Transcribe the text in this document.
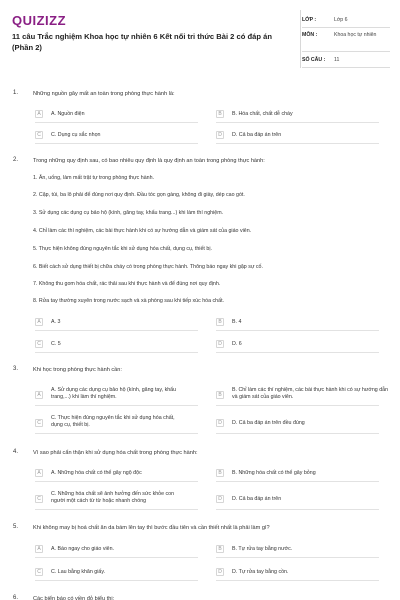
QUIZIZZ
11 câu Trắc nghiệm Khoa học tự nhiên 6 Kết nối tri thức Bài 2 có đáp án (Phần 2)
LỚP :	Lớp 6
MÔN :	Khoa học tự nhiên
SỐ CÂU : 11
1.	Những nguồn gây mất an toàn trong phòng thực hành là:
A	A. Nguồn điện	B	B. Hóa chất, chất dễ cháy
C	C. Dụng cụ sắc nhọn	D	D. Cả ba đáp án trên
2.	Trong những quy định sau, có bao nhiêu quy định là quy định an toàn trong phòng thực hành:
1. Ăn, uống, làm mất trật tự trong phòng thực hành.
2. Cặp, túi, ba lô phải để đúng nơi quy định. Đầu tóc gọn gàng, không đi giày, dép cao gót.
3. Sử dụng các dụng cụ bảo hộ (kính, găng tay, khẩu trang...) khi làm thí nghiệm.
4. Chỉ làm các thí nghiệm, các bài thực hành khi có sự hướng dẫn và giám sát của giáo viên.
5. Thực hiện không đúng nguyên tắc khi sử dụng hóa chất, dụng cụ, thiết bị.
6. Biết cách sử dụng thiết bị chữa cháy có trong phòng thực hành. Thông báo ngay khi gặp sự cố.
7. Không thu gom hóa chất, rác thải sau khi thực hành và để đúng nơi quy định.
8. Rửa tay thường xuyên trong nước sạch và xà phòng sau khi tiếp xúc hóa chất.
A	A. 3	B	B. 4
C	C. 5	D	D. 6
3.	Khi học trong phòng thực hành cần:
A
A. Sử dụng các dụng cụ bảo hộ (kính, găng tay, khẩu trang,...) khi làm thí nghiệm.	B
B. Chỉ làm các thí nghiệm, các bài thực hành khi có sự hướng dẫn và giám sát của giáo viên.
C
C. Thực hiện đúng nguyên tắc khi sử dụng hóa chất, dụng cụ, thiết bị.	D	D. Cả ba đáp án trên đều đúng
4.	Vì sao phải cẩn thận khi sử dụng hóa chất trong phòng thực hành:
A	A. Những hóa chất có thể gây ngộ độc	B	B. Những hóa chất có thể gây bỏng
C
C. Những hóa chất sẽ ảnh hưởng đến sức khỏe con người một cách từ từ hoặc nhanh chóng	D	D. Cả ba đáp án trên
5.	Khi không may bị hoá chất ăn da bám lên tay thì bước đầu tiên và cần thiết nhất là phải làm gì?
A	A. Báo ngay cho giáo viên.	B	B. Tự rửa tay bằng nước.
C	C. Lau bằng khăn giấy.	D	D. Tự rửa tay bằng cồn.
6.	Các biển báo có viền đỏ biểu thị:
